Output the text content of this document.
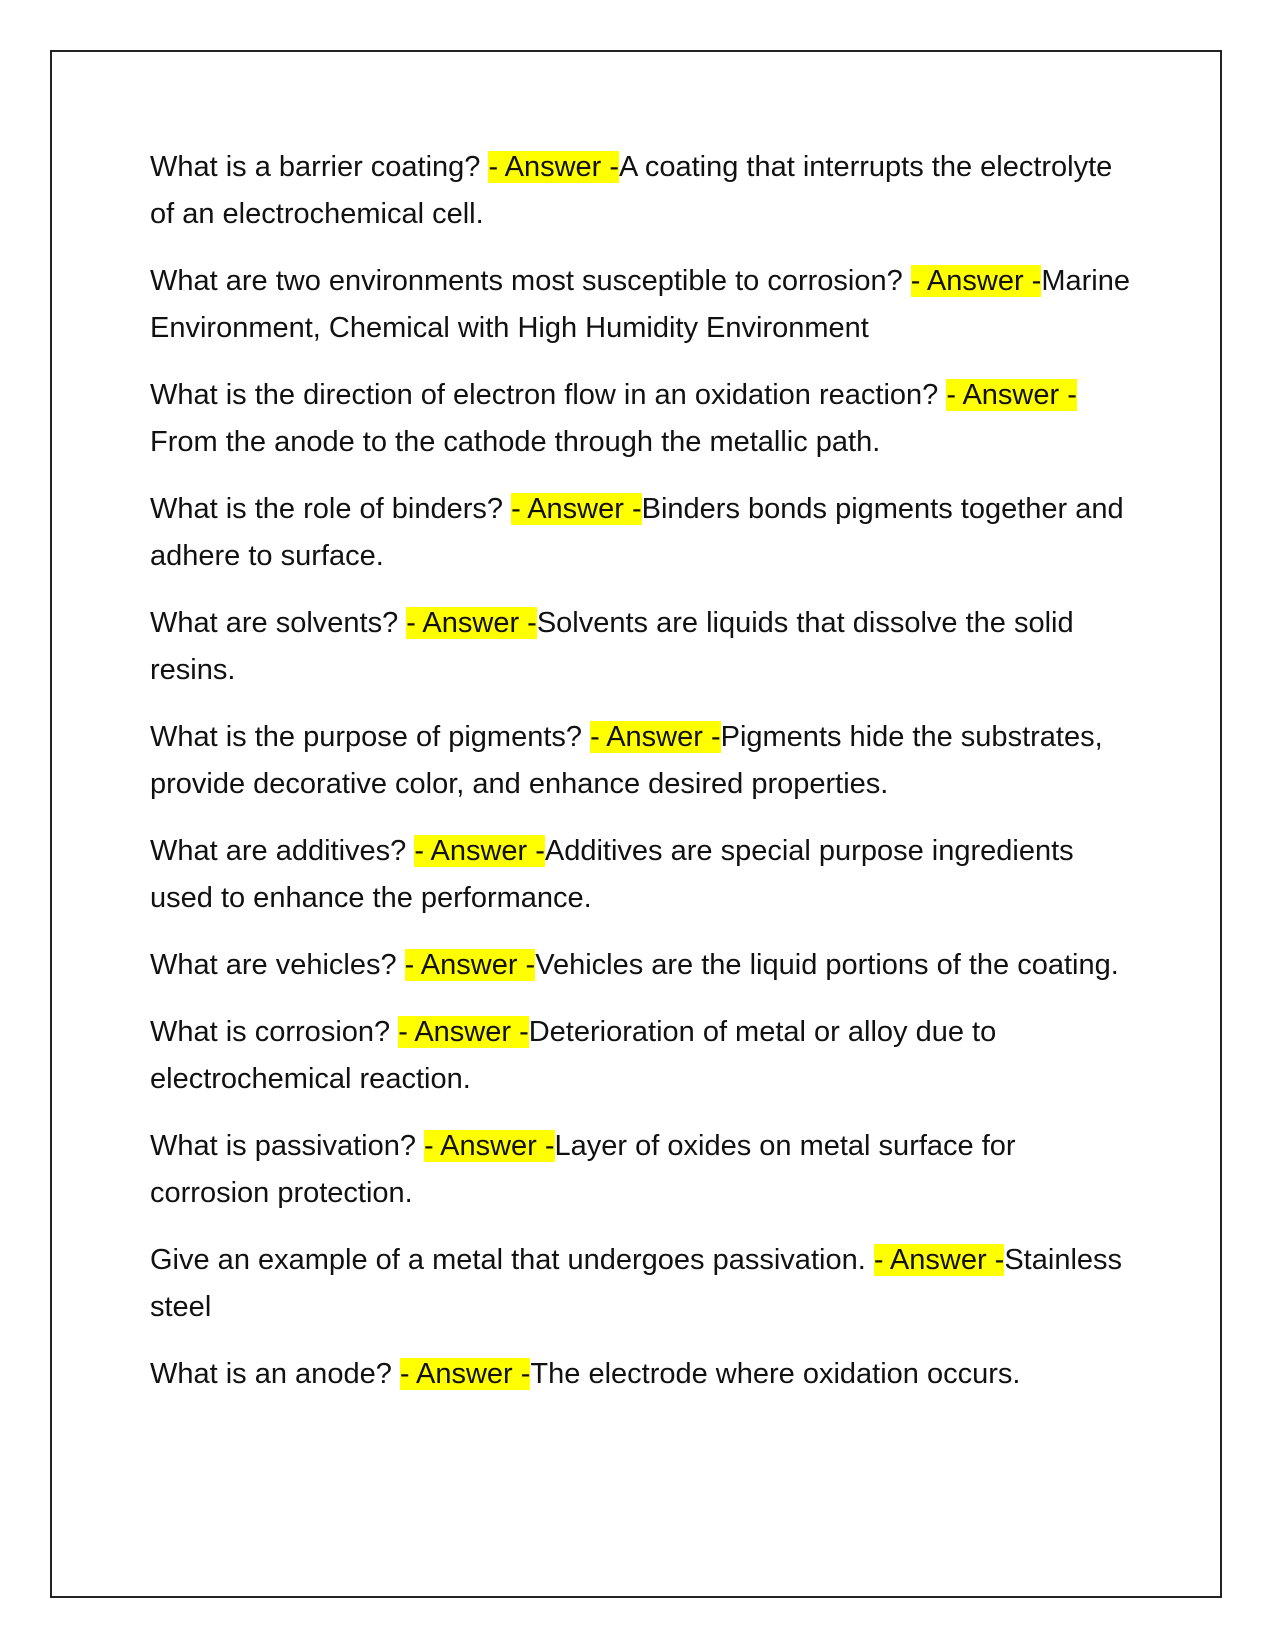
What is a barrier coating? - Answer -A coating that interrupts the electrolyte of an electrochemical cell.

What are two environments most susceptible to corrosion? - Answer -Marine Environment, Chemical with High Humidity Environment

What is the direction of electron flow in an oxidation reaction? - Answer -From the anode to the cathode through the metallic path.

What is the role of binders? - Answer -Binders bonds pigments together and adhere to surface.

What are solvents? - Answer -Solvents are liquids that dissolve the solid resins.

What is the purpose of pigments? - Answer -Pigments hide the substrates, provide decorative color, and enhance desired properties.

What are additives? - Answer -Additives are special purpose ingredients used to enhance the performance.

What are vehicles? - Answer -Vehicles are the liquid portions of the coating.

What is corrosion? - Answer -Deterioration of metal or alloy due to electrochemical reaction.

What is passivation? - Answer -Layer of oxides on metal surface for corrosion protection.

Give an example of a metal that undergoes passivation. - Answer -Stainless steel

What is an anode? - Answer -The electrode where oxidation occurs.
